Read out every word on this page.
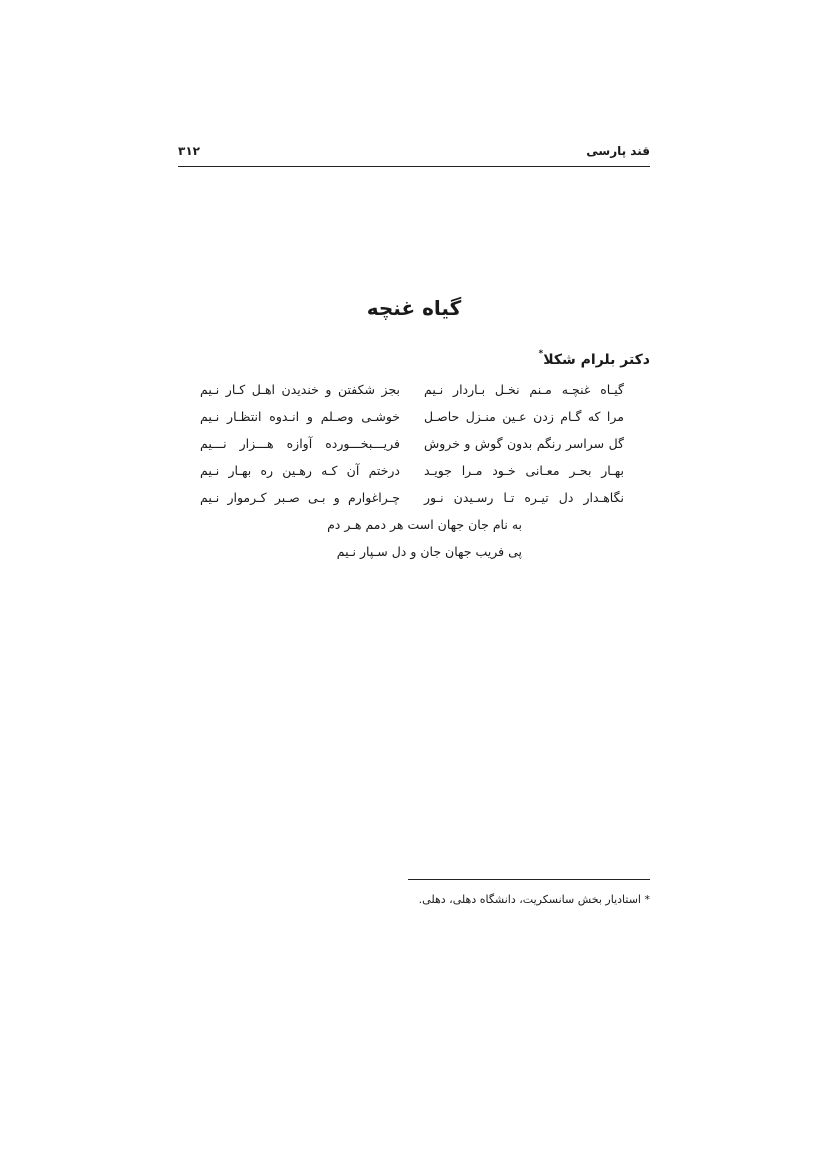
قند پارسی
۳۱۲
گیاه غنچه
دکتر بلرام شکلا*
گیـاه غنچـه مـنم نخـل بـاردار نـیم
بجز شکفتن و خندیدن اهـل کـار نـیم
مرا که گـام زدن عـین منـزل حاصـل
خوشـی وصـلم و انـدوه انتظـار نـیم
گل سراسر رنگم بدون گوش و خروش
فریـــبخـــورده آوازه هـــزار نـــیم
بهـار بحـر معـانی خـود مـرا جویـد
درختم آن کـه رهـین ره بهـار نـیم
نگاهـدار دل تیـره تـا رسـیدن نـور
چـراغوارم و بـی صـبر کـرموار نـیم
به نام جان جهان است هر دمم هـر دم
پی فریب جهان جان و دل سـپار نـیم
* استادیار بخش سانسکریت، دانشگاه دهلی، دهلی.
